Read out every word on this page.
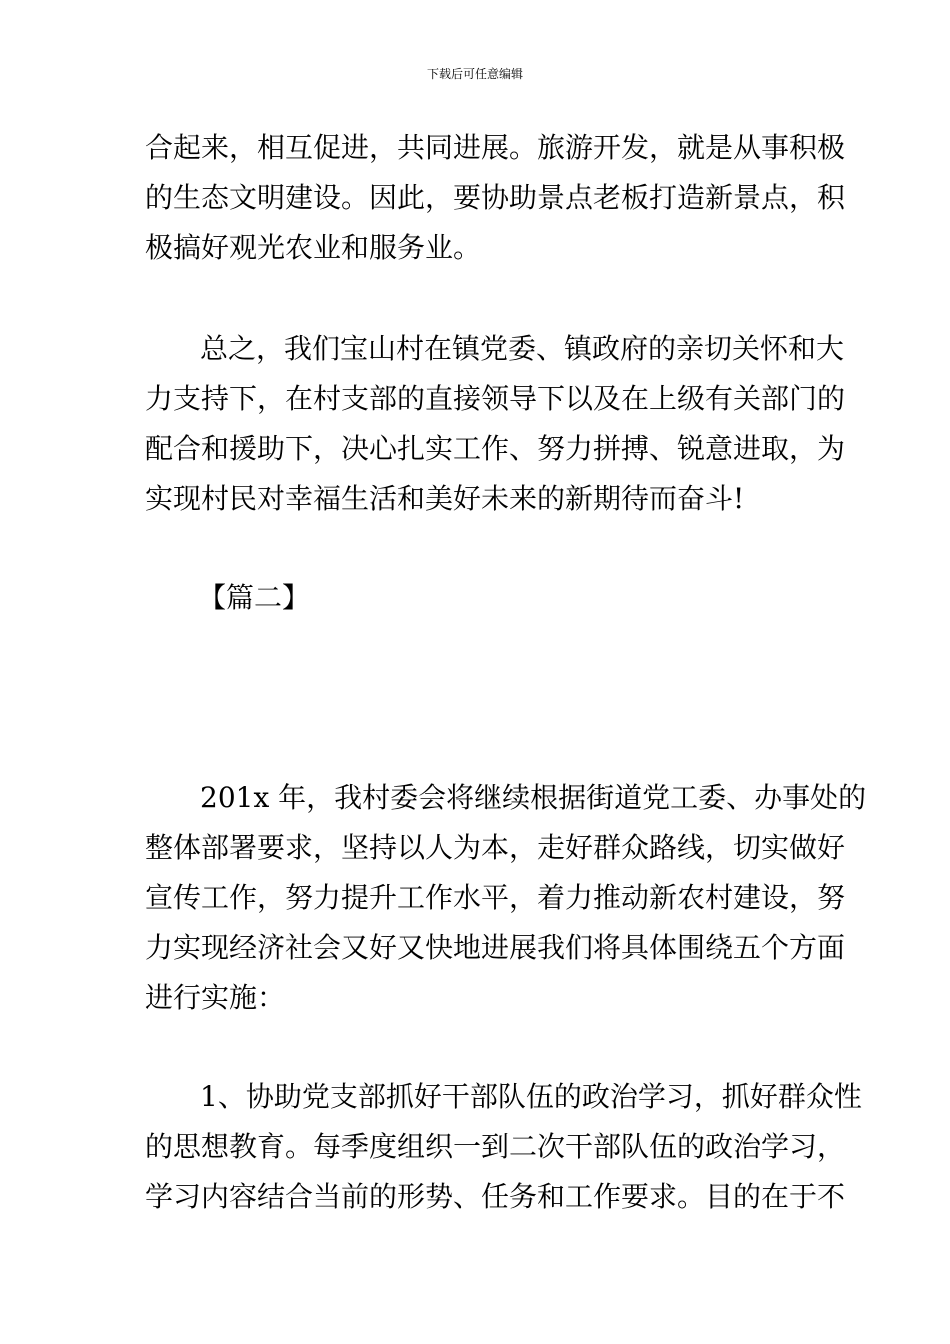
下载后可任意编辑
合起来，相互促进，共同进展。旅游开发，就是从事积极
的生态文明建设。因此，要协助景点老板打造新景点，积
极搞好观光农业和服务业。
总之，我们宝山村在镇党委、镇政府的亲切关怀和大
力支持下，在村支部的直接领导下以及在上级有关部门的
配合和援助下，决心扎实工作、努力拼搏、锐意进取，为
实现村民对幸福生活和美好未来的新期待而奋斗!
【篇二】
201x 年，我村委会将继续根据街道党工委、办事处的
整体部署要求，坚持以人为本，走好群众路线，切实做好
宣传工作，努力提升工作水平，着力推动新农村建设，努
力实现经济社会又好又快地进展我们将具体围绕五个方面
进行实施：
1、协助党支部抓好干部队伍的政治学习，抓好群众性
的思想教育。每季度组织一到二次干部队伍的政治学习，
学习内容结合当前的形势、任务和工作要求。目的在于不
